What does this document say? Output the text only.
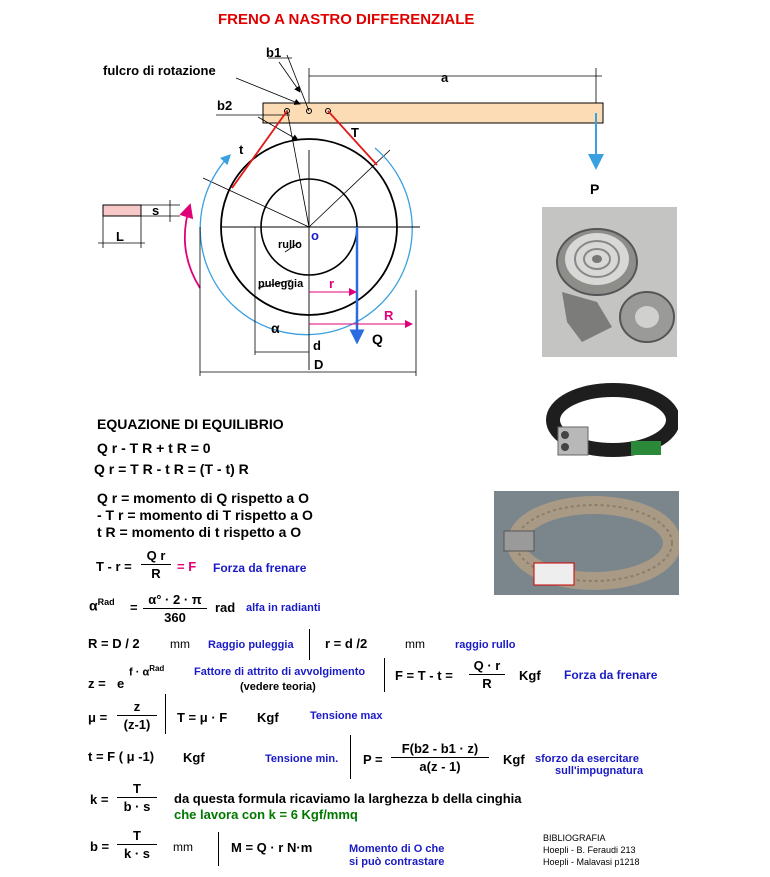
FRENO A NASTRO DIFFERENZIALE
b1
a
fulcro di rotazione
b2
t
T
P
s
L	o
rullo
puleggia r
R
α
Q
d
D
EQUAZIONE DI EQUILIBRIO
Q r - T R + t R = 0
Q r = T R - t R = (T - t) R
Q r = momento di Q rispetto a O
- T r = momento di T rispetto a O
t R = momento di t rispetto a O
$T - r = \frac{\text{Q r}}{R} = F$ Forza da frenare
$\alpha^{Rad} = \frac{\alpha^\circ \cdot 2 \cdot \pi}{360}$ rad alfa in radianti
R = D / 2	mm Raggio puleggia r = d /2	mm	raggio rullo
z = e
$f \cdot \alpha^{Rad}$	Fattore di attrito di avvolgimento
(vedere teoria)
$F = T - t = \frac{Q \cdot r}{R}$ Kgf Forza da frenare
$\mu = \frac{z}{(z-1)}$ T = μ · F Kgf	Tensione max
t = F ( μ -1) Kgf	Tensione min. $P = \frac{F(b2 - b1 \cdot z)}{a(z - 1)}$ Kgf sforzo da esercitare
sull'impugnatura
$k = \frac{T}{b \cdot s}$ da questa formula ricaviamo la larghezza b della cinghia
che lavora con k = 6 Kgf/mmq
$b = \frac{T}{k \cdot s}$ mm	M = Q · r N·m	Momento di O che
si può contrastare
BIBLIOGRAFIA
Hoepli - B. Feraudi 213
Hoepli - Malavasi p1218
